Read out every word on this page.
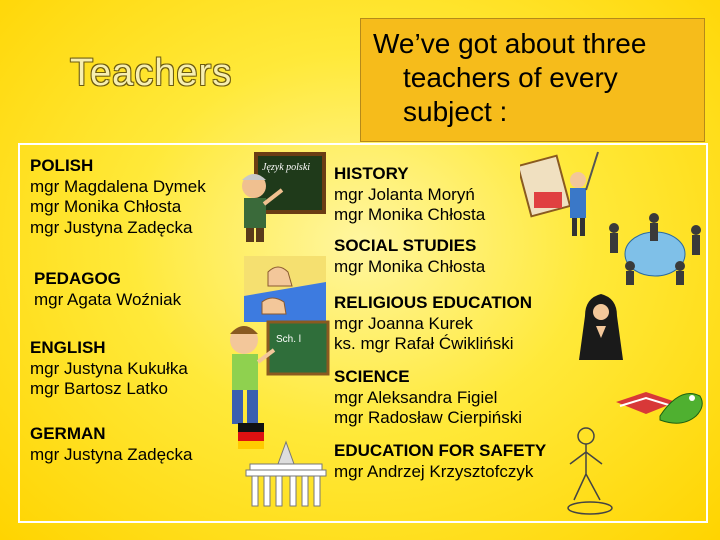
Teachers

We’ve got about three

teachers of every

subject :

POLISH
mgr Magdalena Dymek
mgr Monika Chłosta
mgr Justyna Zadęcka
PEDAGOG
mgr Agata Woźniak
ENGLISH
mgr Justyna Kukułka
mgr Bartosz Latko
GERMAN
mgr Justyna Zadęcka
HISTORY
mgr Jolanta Moryń
mgr Monika Chłosta
SOCIAL STUDIES
mgr Monika Chłosta
RELIGIOUS EDUCATION
mgr Joanna Kurek
ks. mgr Rafał Ćwikliński
SCIENCE
mgr Aleksandra Figiel
mgr Radosław Cierpiński
EDUCATION FOR SAFETY
mgr Andrzej Krzysztofczyk
Język polski
Sch. l
